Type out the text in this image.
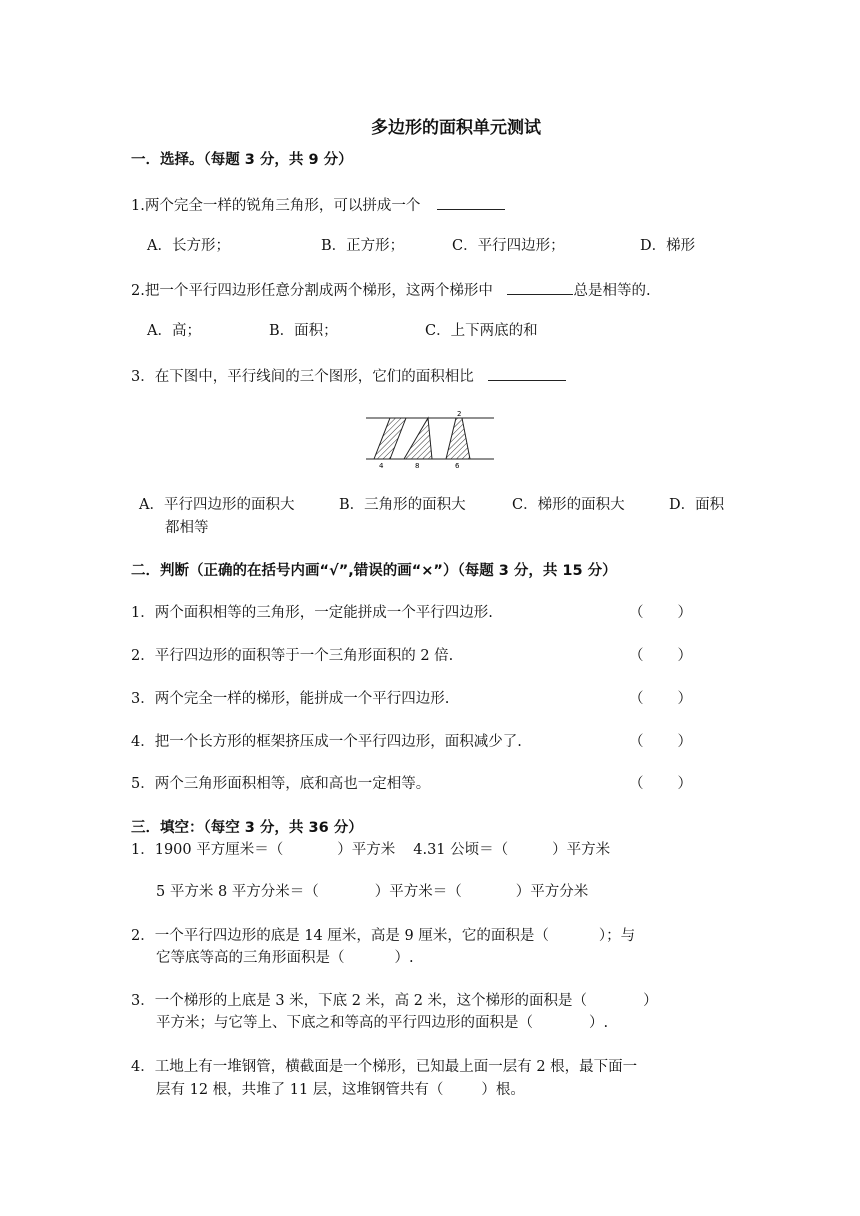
多边形的面积单元测试
一．选择。（每题 3 分，共 9 分）
1.两个完全一样的锐角三角形，可以拼成一个
A．长方形；	B．正方形；	C．平行四边形；	D．梯形
2.把一个平行四边形任意分割成两个梯形，这两个梯形中	总是相等的.
A．高；	B．面积；	C．上下两底的和
3．在下图中，平行线间的三个图形，它们的面积相比
2
4	8	6
A．平行四边形的面积大	B．三角形的面积大	C．梯形的面积大	D．面积
都相等
二．判断（正确的在括号内画“√”,错误的画“×”）（每题 3 分，共 15 分）
1．两个面积相等的三角形，一定能拼成一个平行四边形.	（ ）
2．平行四边形的面积等于一个三角形面积的 2 倍.	（ ）
3．两个完全一样的梯形，能拼成一个平行四边形.	（ ）
4．把一个长方形的框架挤压成一个平行四边形，面积减少了.	（ ）
5．两个三角形面积相等，底和高也一定相等。	（ ）
三．填空：（每空 3 分，共 36 分）
1．1900 平方厘米＝（	）平方米 4.31 公顷＝（	）平方米
5 平方米 8 平方分米＝（	）平方米＝（	）平方分米
2．一个平行四边形的底是 14 厘米，高是 9 厘米，它的面积是（	）；与
它等底等高的三角形面积是（	）.
3．一个梯形的上底是 3 米，下底 2 米，高 2 米，这个梯形的面积是（	）
平方米；与它等上、下底之和等高的平行四边形的面积是（	）.
4．工地上有一堆钢管，横截面是一个梯形，已知最上面一层有 2 根，最下面一
层有 12 根，共堆了 11 层，这堆钢管共有（	）根。
